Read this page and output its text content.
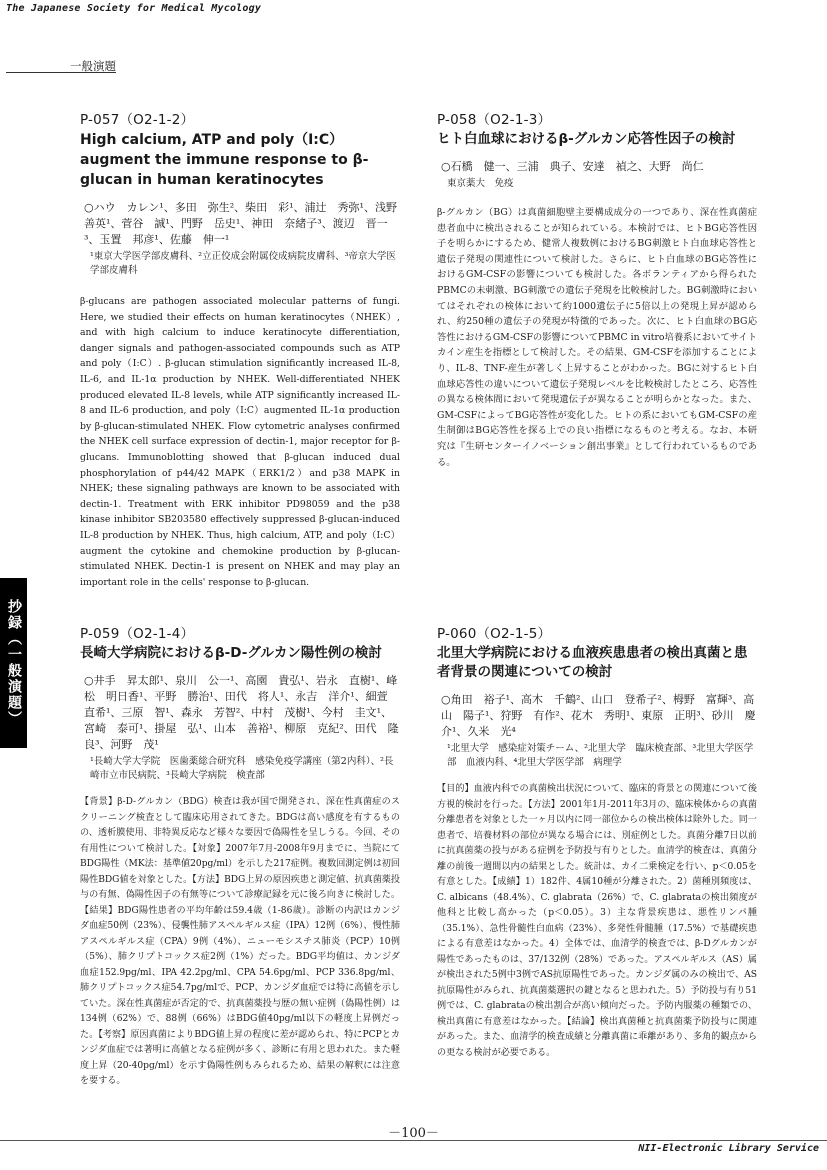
The Japanese Society for Medical Mycology
一般演題
P-057（O2-1-2）
High calcium, ATP and poly（I:C）augment the immune response to β-glucan in human keratinocytes
○ハウ　カレン¹、多田　弥生²、柴田　彩¹、浦辻　秀弥¹、浅野　善英¹、菅谷　誠¹、門野　岳史¹、神田　奈緒子³、渡辺　晋一³、玉置　邦彦¹、佐藤　伸一¹
¹東京大学医学部皮膚科、²立正佼成会附属佼成病院皮膚科、³帝京大学医学部皮膚科
β-glucans are pathogen associated molecular patterns of fungi. Here, we studied their effects on human keratinocytes（NHEK）, and with high calcium to induce keratinocyte differentiation, danger signals and pathogen-associated compounds such as ATP and poly（I:C）. β-glucan stimulation significantly increased IL-8, IL-6, and IL-1α production by NHEK. Well-differentiated NHEK produced elevated IL-8 levels, while ATP significantly increased IL-8 and IL-6 production, and poly（I:C）augmented IL-1α production by β-glucan-stimulated NHEK. Flow cytometric analyses confirmed the NHEK cell surface expression of dectin-1, major receptor for β-glucans. Immunoblotting showed that β-glucan induced dual phosphorylation of p44/42 MAPK（ERK1/2）and p38 MAPK in NHEK; these signaling pathways are known to be associated with dectin-1. Treatment with ERK inhibitor PD98059 and the p38 kinase inhibitor SB203580 effectively suppressed β-glucan-induced IL-8 production by NHEK. Thus, high calcium, ATP, and poly（I:C）augment the cytokine and chemokine production by β-glucan-stimulated NHEK. Dectin-1 is present on NHEK and may play an important role in the cells' response to β-glucan.
P-058（O2-1-3）
ヒト白血球におけるβ-グルカン応答性因子の検討
○石橋　健一、三浦　典子、安達　禎之、大野　尚仁
東京薬大　免疫
β-グルカン（BG）は真菌細胞壁主要構成成分の一つであり、深在性真菌症患者血中に検出されることが知られている。本検討では、ヒトBG応答性因子を明らかにするため、健常人複数例におけるBG刺激ヒト白血球応答性と遺伝子発現の関連性について検討した。さらに、ヒト白血球のBG応答性におけるGM-CSFの影響についても検討した。各ボランティアから得られたPBMCの未刺激、BG刺激での遺伝子発現を比較検討した。BG刺激時においてはそれぞれの検体において約1000遺伝子に5倍以上の発現上昇が認められ、約250種の遺伝子の発現が特徴的であった。次に、ヒト白血球のBG応答性におけるGM-CSFの影響についてPBMC in vitro培養系においてサイトカイン産生を指標として検討した。その結果、GM-CSFを添加することにより、IL-8、TNF-産生が著しく上昇することがわかった。BGに対するヒト白血球応答性の違いについて遺伝子発現レベルを比較検討したところ、応答性の異なる検体間において発現遺伝子が異なることが明らかとなった。また、GM-CSFによってBG応答性が変化した。ヒトの系においてもGM-CSFの産生制御はBG応答性を探る上での良い指標になるものと考える。なお、本研究は『生研センターイノベーション創出事業』として行われているものである。
抄録（一般演題）	P-059（O2-1-4）
長崎大学病院におけるβ-D-グルカン陽性例の検討
○井手　昇太郎¹、泉川　公一¹、高園　貴弘¹、岩永　直樹¹、峰松　明日香¹、平野　勝治¹、田代　将人¹、永吉　洋介¹、細萱　直希¹、三原　智¹、森永　芳智²、中村　茂樹¹、今村　圭文¹、宮崎　泰可¹、掛屋　弘¹、山本　善裕¹、柳原　克紀²、田代　隆良³、河野　茂¹
¹長崎大学大学院　医歯薬総合研究科　感染免疫学講座（第2内科）、²長崎市立市民病院、³長崎大学病院　検査部
【背景】β-D-グルカン（BDG）検査は我が国で開発され、深在性真菌症のスクリーニング検査として臨床応用されてきた。BDGは高い感度を有するものの、透析膜使用、非特異反応など様々な要因で偽陽性を呈しうる。今回、その有用性について検討した。【対象】2007年7月-2008年9月までに、当院にてBDG陽性（MK法：基準値20pg/ml）を示した217症例。複数回測定例は初回陽性BDG値を対象とした。【方法】BDG上昇の原因疾患と測定値、抗真菌薬投与の有無、偽陽性因子の有無等について診療記録を元に後ろ向きに検討した。【結果】BDG陽性患者の平均年齢は59.4歳（1-86歳）。診断の内訳はカンジダ血症50例（23%）、侵襲性肺アスペルギルス症（IPA）12例（6%）、慢性肺アスペルギルス症（CPA）9例（4%）、ニューモシスチス肺炎（PCP）10例（5%）、肺クリプトコックス症2例（1%）だった。BDG平均値は、カンジダ血症152.9pg/ml、IPA 42.2pg/ml、CPA 54.6pg/ml、PCP 336.8pg/ml、肺クリプトコックス症54.7pg/mlで、PCP、カンジダ血症では特に高値を示していた。深在性真菌症が否定的で、抗真菌薬投与歴の無い症例（偽陽性例）は134例（62%）で、88例（66%）はBDG値40pg/ml以下の軽度上昇例だった。【考察】原因真菌によりBDG値上昇の程度に差が認められ、特にPCPとカンジダ血症では著明に高値となる症例が多く、診断に有用と思われた。また軽度上昇（20-40pg/ml）を示す偽陽性例もみられるため、結果の解釈には注意を要する。
P-060（O2-1-5）
北里大学病院における血液疾患患者の検出真菌と患者背景の関連についての検討
○角田　裕子¹、高木　千鶴²、山口　登希子²、栂野　富輝³、高山　陽子¹、狩野　有作²、花木　秀明¹、東原　正明³、砂川　慶介¹、久米　光⁴
¹北里大学　感染症対策チーム、²北里大学　臨床検査部、³北里大学医学部　血液内科、⁴北里大学医学部　病理学
【目的】血液内科での真菌検出状況について、臨床的背景との関連について後方視的検討を行った。【方法】2001年1月-2011年3月の、臨床検体からの真菌分離患者を対象とした一ヶ月以内に同一部位からの検出検体は除外した。同一患者で、培養材料の部位が異なる場合には、別症例とした。真菌分離7日以前に抗真菌薬の投与がある症例を予防投与有りとした。血清学的検査は、真菌分離の前後一週間以内の結果とした。統計は、カイ二乗検定を行い、p＜0.05を有意とした。【成績】1）182件、4属10種が分離された。2）菌種別頻度は、C. albicans（48.4%）、C. glabrata（26%）で、C. glabrataの検出頻度が他科と比較し高かった（p＜0.05）。3）主な背景疾患は、悪性リンパ腫（35.1%）、急性骨髄性白血病（23%）、多発性骨髄腫（17.5%）で基礎疾患による有意差はなかった。4）全体では、血清学的検査では、β-Dグルカンが陽性であったものは、37/132例（28%）であった。アスペルギルス（AS）属が検出された5例中3例でAS抗原陽性であった。カンジダ属のみの検出で、AS抗原陽性がみられ、抗真菌薬選択の鍵となると思われた。5）予防投与有り51例では、C. glabrataの検出割合が高い傾向だった。予防内服薬の種類での、検出真菌に有意差はなかった。【結論】検出真菌種と抗真菌薬予防投与に関連があった。また、血清学的検査成績と分離真菌に乖離があり、多角的観点からの更なる検討が必要である。
－100－
NII-Electronic Library Service
